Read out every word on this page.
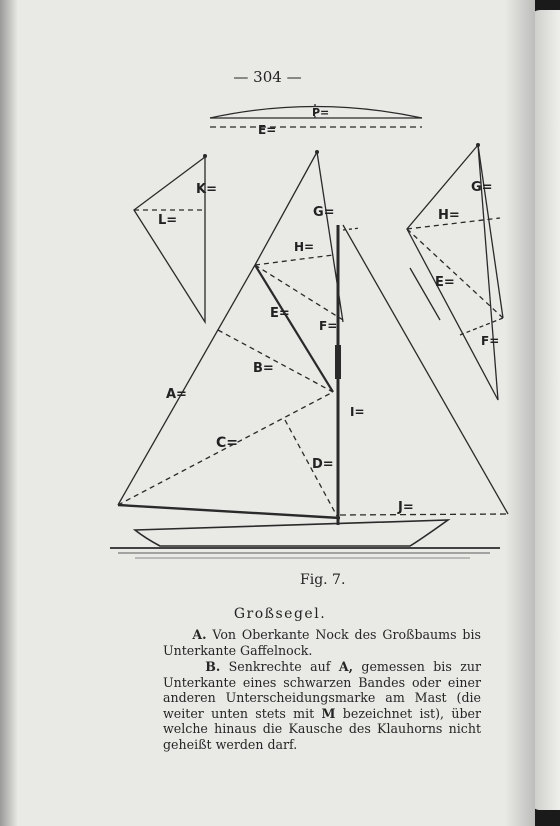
— 304 —
P=
E=
K=
L=
G=
H=
E=
F=
B=
A=
C=
D=
I=
J=
G=
H=
E=
F=
Fig. 7.
Großsegel.
A. Von Oberkante Nock des Großbaums bis Unterkante Gaffelnock.
B. Senkrechte auf A, gemessen bis zur Unterkante eines schwarzen Bandes oder einer anderen Unterscheidungsmarke am Mast (die weiter unten stets mit M bezeichnet ist), über welche hinaus die Kausche des Klauhorns nicht geheißt werden darf.
